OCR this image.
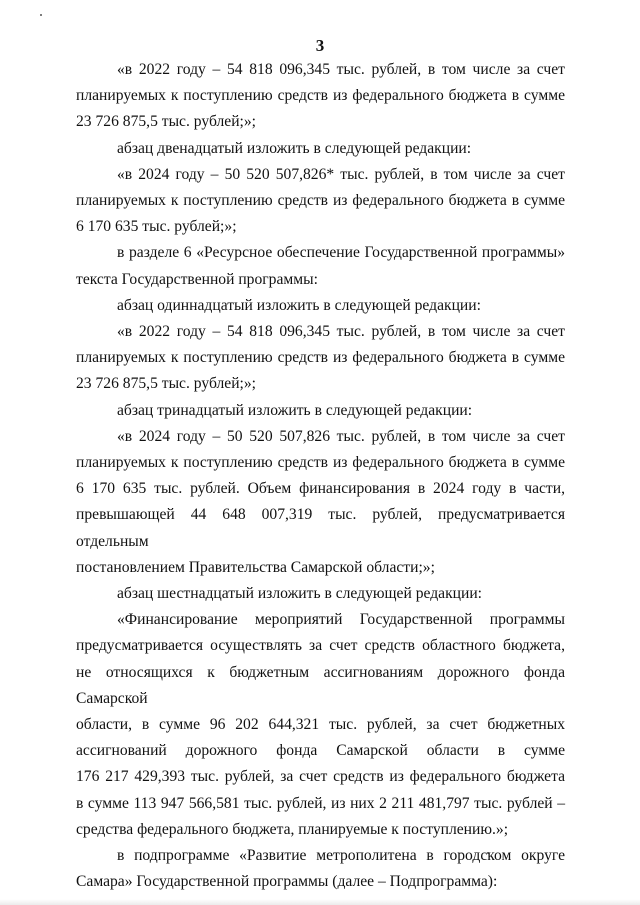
3

«в 2022 году – 54 818 096,345 тыс. рублей, в том числе за счет
планируемых к поступлению средств из федерального бюджета в сумме
23 726 875,5 тыс. рублей;»;

абзац двенадцатый изложить в следующей редакции:

«в 2024 году – 50 520 507,826* тыс. рублей, в том числе за счет
планируемых к поступлению средств из федерального бюджета в сумме
6 170 635 тыс. рублей;»;

в разделе 6 «Ресурсное обеспечение Государственной программы»
текста Государственной программы:

абзац одиннадцатый изложить в следующей редакции:

«в 2022 году – 54 818 096,345 тыс. рублей, в том числе за счет
планируемых к поступлению средств из федерального бюджета в сумме
23 726 875,5 тыс. рублей;»;

абзац тринадцатый изложить в следующей редакции:

«в 2024 году – 50 520 507,826 тыс. рублей, в том числе за счет
планируемых к поступлению средств из федерального бюджета в сумме
6 170 635 тыс. рублей. Объем финансирования в 2024 году в части,
превышающей 44 648 007,319 тыс. рублей, предусматривается отдельным
постановлением Правительства Самарской области;»;

абзац шестнадцатый изложить в следующей редакции:

«Финансирование мероприятий Государственной программы
предусматривается осуществлять за счет средств областного бюджета,
не относящихся к бюджетным ассигнованиям дорожного фонда Самарской
области, в сумме 96 202 644,321 тыс. рублей, за счет бюджетных
ассигнований дорожного фонда Самарской области в сумме
176 217 429,393 тыс. рублей, за счет средств из федерального бюджета
в сумме 113 947 566,581 тыс. рублей, из них 2 211 481,797 тыс. рублей –
средства федерального бюджета, планируемые к поступлению.»;

в подпрограмме «Развитие метрополитена в городском округе
Самара» Государственной программы (далее – Подпрограмма):
